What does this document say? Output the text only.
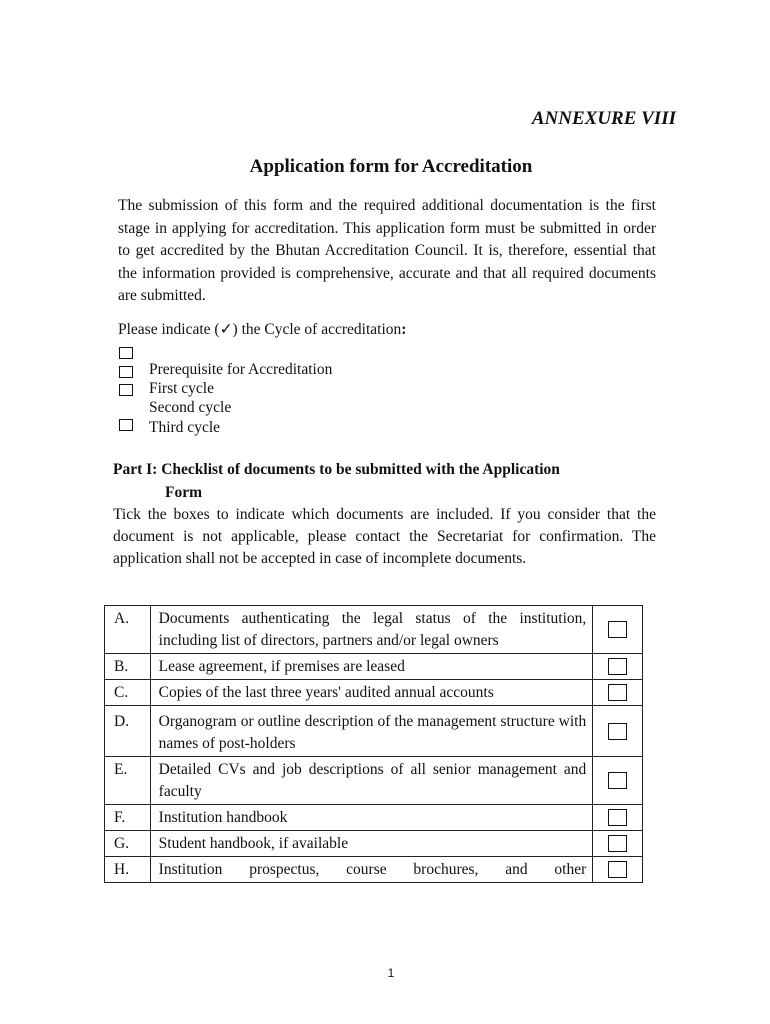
ANNEXURE VIII
Application form for Accreditation
The submission of this form and the required additional documentation is the first stage in applying for accreditation. This application form must be submitted in order to get accredited by the Bhutan Accreditation Council. It is, therefore, essential that the information provided is comprehensive, accurate and that all required documents are submitted.
Please indicate (✓) the Cycle of accreditation:
Prerequisite for Accreditation
First cycle
Second cycle
Third cycle
Part I: Checklist of documents to be submitted with the Application
Form
Tick the boxes to indicate which documents are included. If you consider that the document is not applicable, please contact the Secretariat for confirmation. The application shall not be accepted in case of incomplete documents.
A.	Documents authenticating the legal status of the institution, including list of directors, partners and/or legal owners	
B.	Lease agreement, if premises are leased	
C.	Copies of the last three years' audited annual accounts	
D.	Organogram or outline description of the management structure with names of post-holders	
E.	Detailed CVs and job descriptions of all senior management and faculty	
F.	Institution handbook	
G.	Student handbook, if available	
H.	Institution prospectus, course brochures, and other	
1
